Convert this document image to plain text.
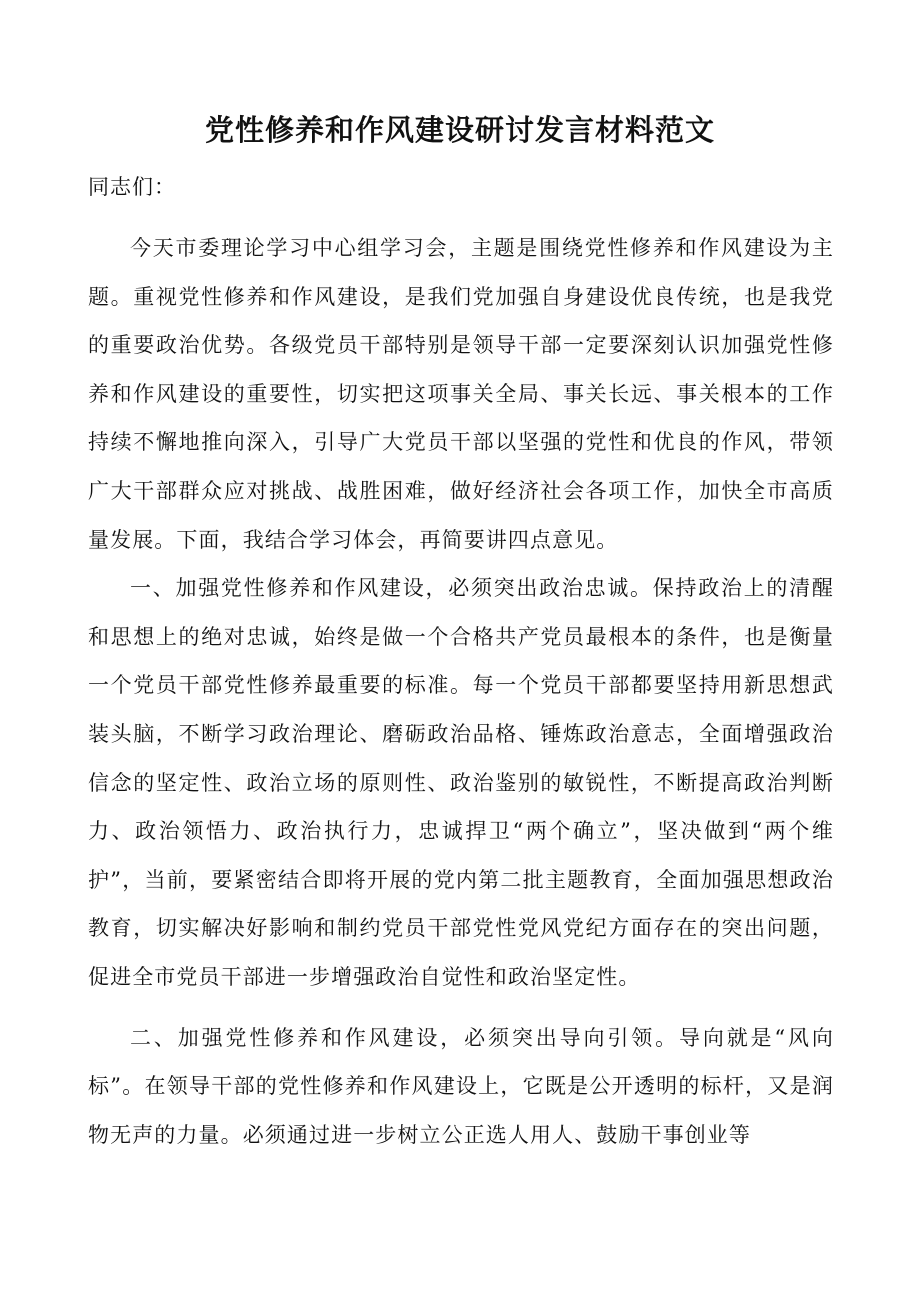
党性修养和作风建设研讨发言材料范文

同志们：

今天市委理论学习中心组学习会，主题是围绕党性修养和作风建设为主题。重视党性修养和作风建设，是我们党加强自身建设优良传统，也是我党的重要政治优势。各级党员干部特别是领导干部一定要深刻认识加强党性修养和作风建设的重要性，切实把这项事关全局、事关长远、事关根本的工作持续不懈地推向深入，引导广大党员干部以坚强的党性和优良的作风，带领广大干部群众应对挑战、战胜困难，做好经济社会各项工作，加快全市高质量发展。下面，我结合学习体会，再简要讲四点意见。

一、加强党性修养和作风建设，必须突出政治忠诚。保持政治上的清醒和思想上的绝对忠诚，始终是做一个合格共产党员最根本的条件，也是衡量一个党员干部党性修养最重要的标准。每一个党员干部都要坚持用新思想武装头脑，不断学习政治理论、磨砺政治品格、锤炼政治意志，全面增强政治信念的坚定性、政治立场的原则性、政治鉴别的敏锐性，不断提高政治判断力、政治领悟力、政治执行力，忠诚捍卫“两个确立”，坚决做到“两个维护”，当前，要紧密结合即将开展的党内第二批主题教育，全面加强思想政治教育，切实解决好影响和制约党员干部党性党风党纪方面存在的突出问题，促进全市党员干部进一步增强政治自觉性和政治坚定性。

二、加强党性修养和作风建设，必须突出导向引领。导向就是“风向标”。在领导干部的党性修养和作风建设上，它既是公开透明的标杆，又是润物无声的力量。必须通过进一步树立公正选人用人、鼓励干事创业等
